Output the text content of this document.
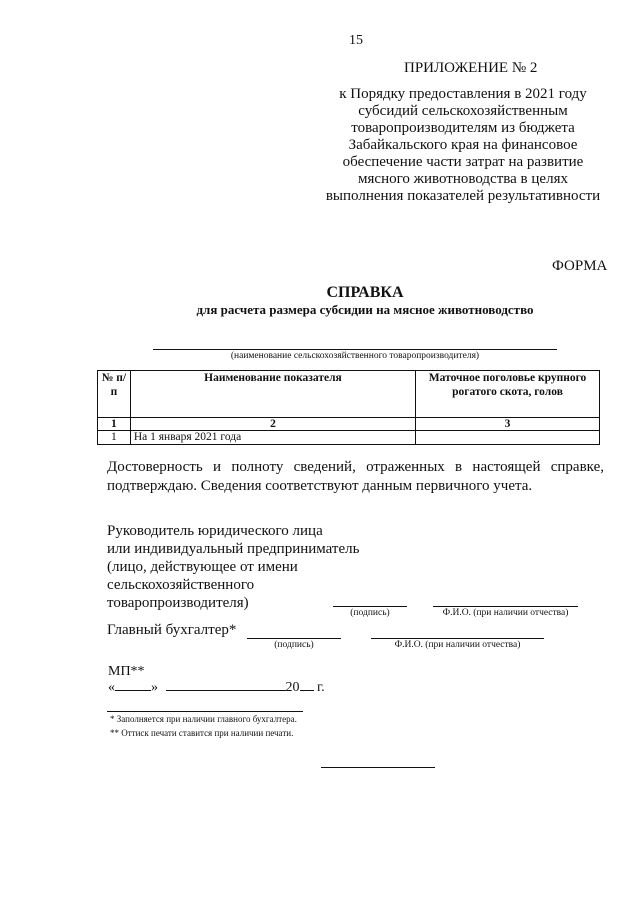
15
ПРИЛОЖЕНИЕ № 2
к Порядку предоставления в 2021 году субсидий сельскохозяйственным товаропроизводителям из бюджета Забайкальского края на финансовое обеспечение части затрат на развитие мясного животноводства в целях выполнения показателей результативности
ФОРМА
СПРАВКА
для расчета размера субсидии на мясное животноводство
(наименование сельскохозяйственного товаропроизводителя)
№ п/п	Наименование показателя	Маточное поголовье крупного рогатого скота, голов
1	2	3
1	На 1 января 2021 года	
Достоверность и полноту сведений, отраженных в настоящей справке, подтверждаю. Сведения соответствуют данным первичного учета.
Руководитель юридического лица
или индивидуальный предприниматель
(лицо, действующее от имени
сельскохозяйственного
товаропроизводителя)
(подпись)	Ф.И.О. (при наличии отчества)
Главный бухгалтер*
(подпись)	Ф.И.О. (при наличии отчества)
МП**
«	»	20 г.
* Заполняется при наличии главного бухгалтера.
** Оттиск печати ставится при наличии печати.
